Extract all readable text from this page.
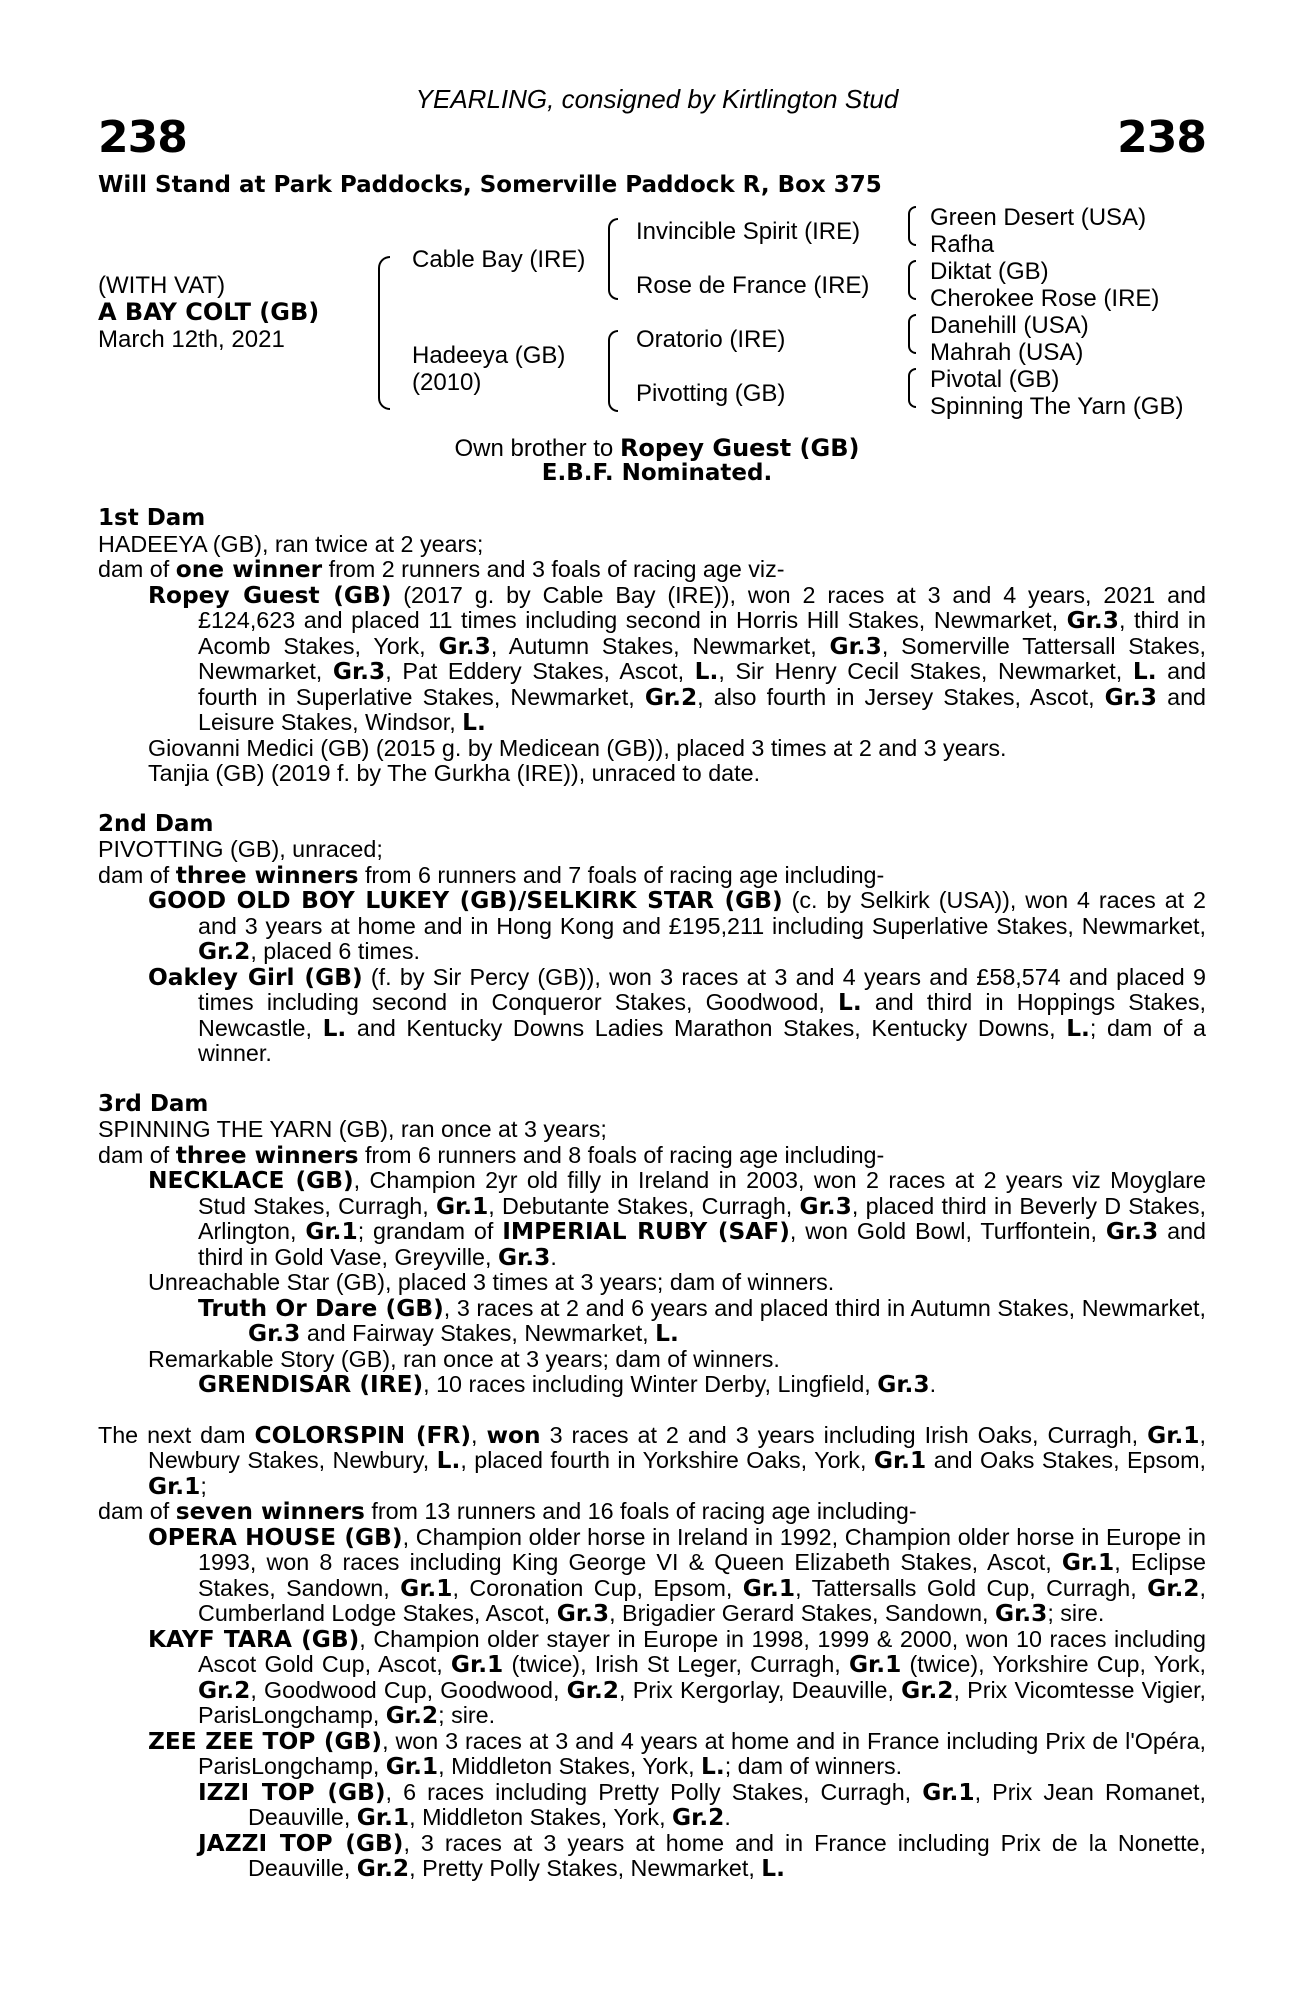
238	238
YEARLING, consigned by Kirtlington Stud
Will Stand at Park Paddocks, Somerville Paddock R, Box 375
(WITH VAT)
A BAY COLT (GB)
March 12th, 2021
Cable Bay (IRE)
Hadeeya (GB)
(2010)
Invincible Spirit (IRE)
Rose de France (IRE)
Oratorio (IRE)
Pivotting (GB)
Green Desert (USA)
Rafha
Diktat (GB)
Cherokee Rose (IRE)
Danehill (USA)
Mahrah (USA)
Pivotal (GB)
Spinning The Yarn (GB)
Own brother to Ropey Guest (GB)
E.B.F. Nominated.

1st Dam

HADEEYA (GB), ran twice at 2 years;

dam of one winner from 2 runners and 3 foals of racing age viz-

Ropey Guest (GB) (2017 g. by Cable Bay (IRE)), won 2 races at 3 and 4 years, 2021 and £124,623 and placed 11 times including second in Horris Hill Stakes, Newmarket, Gr.3, third in Acomb Stakes, York, Gr.3, Autumn Stakes, Newmarket, Gr.3, Somerville Tattersall Stakes, Newmarket, Gr.3, Pat Eddery Stakes, Ascot, L., Sir Henry Cecil Stakes, Newmarket, L. and fourth in Superlative Stakes, Newmarket, Gr.2, also fourth in Jersey Stakes, Ascot, Gr.3 and Leisure Stakes, Windsor, L.

Giovanni Medici (GB) (2015 g. by Medicean (GB)), placed 3 times at 2 and 3 years.

Tanjia (GB) (2019 f. by The Gurkha (IRE)), unraced to date.

2nd Dam

PIVOTTING (GB), unraced;

dam of three winners from 6 runners and 7 foals of racing age including-

GOOD OLD BOY LUKEY (GB)/SELKIRK STAR (GB) (c. by Selkirk (USA)), won 4 races at 2 and 3 years at home and in Hong Kong and £195,211 including Superlative Stakes, Newmarket, Gr.2, placed 6 times.

Oakley Girl (GB) (f. by Sir Percy (GB)), won 3 races at 3 and 4 years and £58,574 and placed 9 times including second in Conqueror Stakes, Goodwood, L. and third in Hoppings Stakes, Newcastle, L. and Kentucky Downs Ladies Marathon Stakes, Kentucky Downs, L.; dam of a winner.

3rd Dam

SPINNING THE YARN (GB), ran once at 3 years;

dam of three winners from 6 runners and 8 foals of racing age including-

NECKLACE (GB), Champion 2yr old filly in Ireland in 2003, won 2 races at 2 years viz Moyglare Stud Stakes, Curragh, Gr.1, Debutante Stakes, Curragh, Gr.3, placed third in Beverly D Stakes, Arlington, Gr.1; grandam of IMPERIAL RUBY (SAF), won Gold Bowl, Turffontein, Gr.3 and third in Gold Vase, Greyville, Gr.3.

Unreachable Star (GB), placed 3 times at 3 years; dam of winners.

Truth Or Dare (GB), 3 races at 2 and 6 years and placed third in Autumn Stakes, Newmarket, Gr.3 and Fairway Stakes, Newmarket, L.

Remarkable Story (GB), ran once at 3 years; dam of winners.

GRENDISAR (IRE), 10 races including Winter Derby, Lingfield, Gr.3.

The next dam COLORSPIN (FR), won 3 races at 2 and 3 years including Irish Oaks, Curragh, Gr.1, Newbury Stakes, Newbury, L., placed fourth in Yorkshire Oaks, York, Gr.1 and Oaks Stakes, Epsom, Gr.1;

dam of seven winners from 13 runners and 16 foals of racing age including-

OPERA HOUSE (GB), Champion older horse in Ireland in 1992, Champion older horse in Europe in 1993, won 8 races including King George VI & Queen Elizabeth Stakes, Ascot, Gr.1, Eclipse Stakes, Sandown, Gr.1, Coronation Cup, Epsom, Gr.1, Tattersalls Gold Cup, Curragh, Gr.2, Cumberland Lodge Stakes, Ascot, Gr.3, Brigadier Gerard Stakes, Sandown, Gr.3; sire.

KAYF TARA (GB), Champion older stayer in Europe in 1998, 1999 & 2000, won 10 races including Ascot Gold Cup, Ascot, Gr.1 (twice), Irish St Leger, Curragh, Gr.1 (twice), Yorkshire Cup, York, Gr.2, Goodwood Cup, Goodwood, Gr.2, Prix Kergorlay, Deauville, Gr.2, Prix Vicomtesse Vigier, ParisLongchamp, Gr.2; sire.

ZEE ZEE TOP (GB), won 3 races at 3 and 4 years at home and in France including Prix de l'Opéra, ParisLongchamp, Gr.1, Middleton Stakes, York, L.; dam of winners.

IZZI TOP (GB), 6 races including Pretty Polly Stakes, Curragh, Gr.1, Prix Jean Romanet, Deauville, Gr.1, Middleton Stakes, York, Gr.2.

JAZZI TOP (GB), 3 races at 3 years at home and in France including Prix de la Nonette, Deauville, Gr.2, Pretty Polly Stakes, Newmarket, L.
